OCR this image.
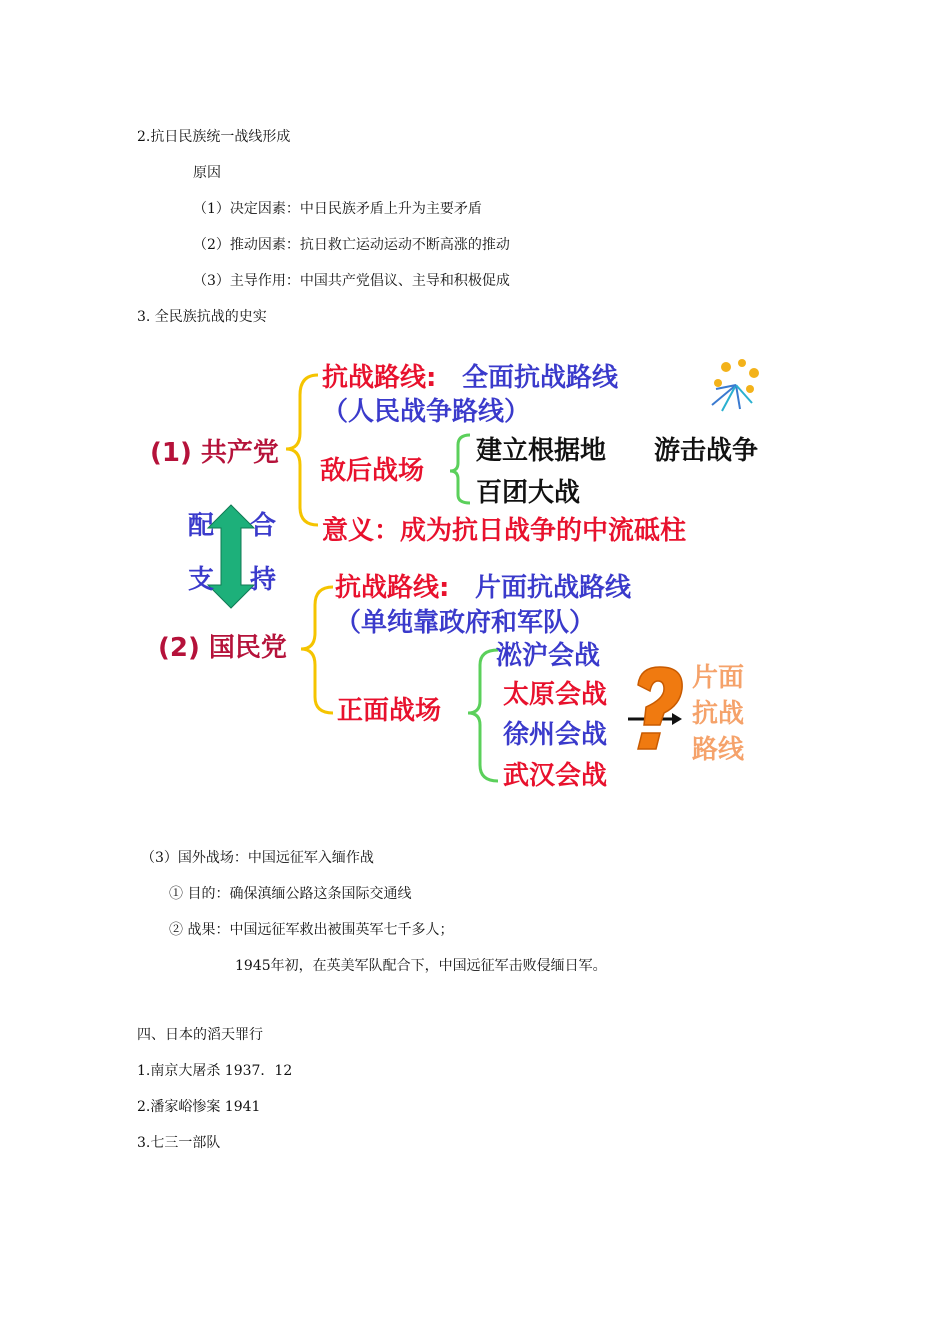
2.抗日民族统一战线形成
原因
（1）决定因素：中日民族矛盾上升为主要矛盾
（2）推动因素：抗日救亡运动运动不断高涨的推动
（3）主导作用：中国共产党倡议、主导和积极促成
3. 全民族抗战的史实
(1) 共产党
抗战路线: 全面抗战路线
（人民战争路线）
敌后战场
建立根据地 游击战争
百团大战
意义：成为抗日战争的中流砥柱
配 合
支 持
(2) 国民党
抗战路线: 片面抗战路线
（单纯靠政府和军队）
正面战场
淞沪会战
太原会战
徐州会战
武汉会战
片面
抗战
路线
（3）国外战场：中国远征军入缅作战
① 目的：确保滇缅公路这条国际交通线
② 战果：中国远征军救出被围英军七千多人；
1945年初，在英美军队配合下，中国远征军击败侵缅日军。
四、日本的滔天罪行
1.南京大屠杀 1937．12
2.潘家峪惨案 1941
3.七三一部队
